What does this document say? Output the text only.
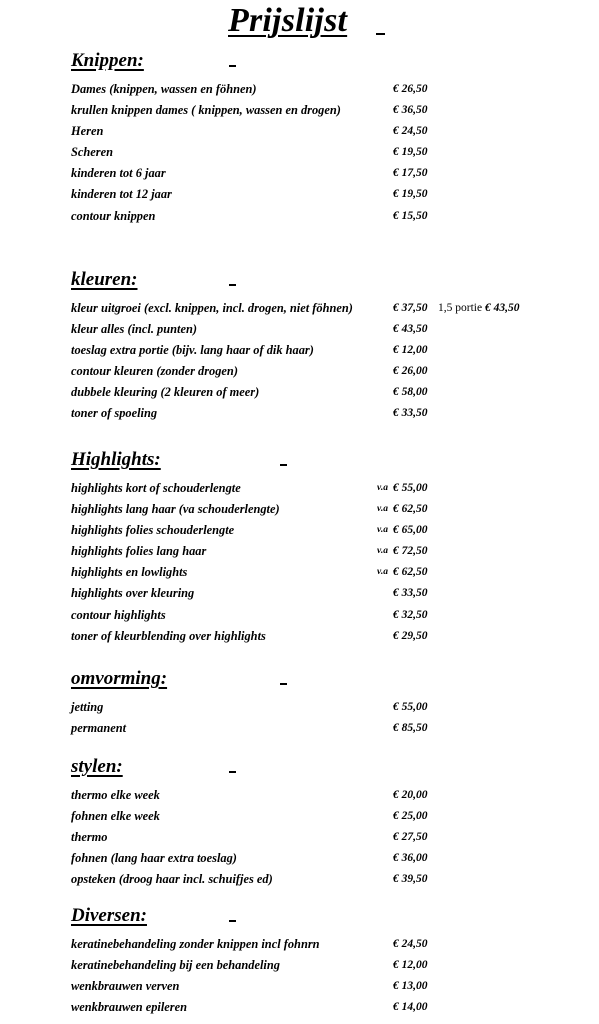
Prijslijst
Knippen:
Dames (knippen, wassen en föhnen)	€ 26,50
krullen knippen dames ( knippen, wassen en drogen)	€ 36,50
Heren	€ 24,50
Scheren	€ 19,50
kinderen tot 6 jaar	€ 17,50
kinderen tot 12 jaar	€ 19,50
contour knippen	€ 15,50
kleuren:
kleur uitgroei (excl. knippen, incl. drogen, niet föhnen)	€ 37,50 1,5 portie € 43,50
kleur alles (incl. punten)	€ 43,50
toeslag extra portie (bijv. lang haar of dik haar)	€ 12,00
contour kleuren (zonder drogen)	€ 26,00
dubbele kleuring (2 kleuren of meer)	€ 58,00
toner of spoeling	€ 33,50
Highlights:
highlights kort of schouderlengte	v.a € 55,00
highlights lang haar (va schouderlengte)	v.a € 62,50
highlights folies schouderlengte	v.a € 65,00
highlights folies lang haar	v.a € 72,50
highlights en lowlights	v.a € 62,50
highlights over kleuring	€ 33,50
contour highlights	€ 32,50
toner of kleurblending over highlights	€ 29,50
omvorming:
jetting	€ 55,00
permanent	€ 85,50
stylen:
thermo elke week	€ 20,00
fohnen elke week	€ 25,00
thermo	€ 27,50
fohnen (lang haar extra toeslag)	€ 36,00
opsteken (droog haar incl. schuifjes ed)	€ 39,50
Diversen:
keratinebehandeling zonder knippen incl fohnrn	€ 24,50
keratinebehandeling bij een behandeling	€ 12,00
wenkbrauwen verven	€ 13,00
wenkbrauwen epileren	€ 14,00
